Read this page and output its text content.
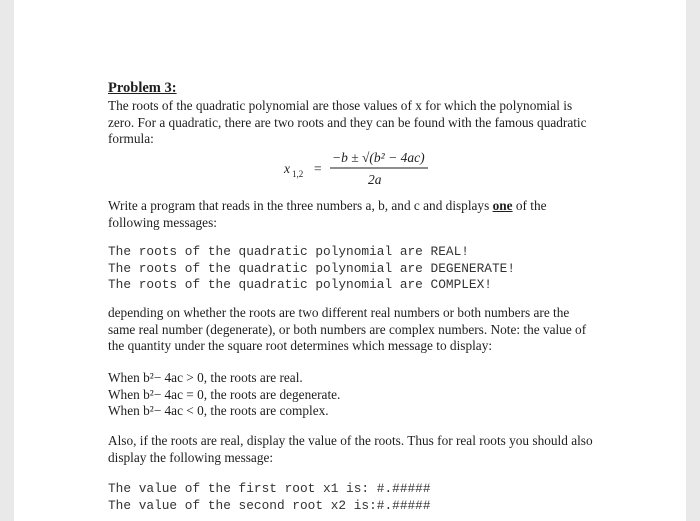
Problem 3:

The roots of the quadratic polynomial are those values of x for which the polynomial is zero. For a quadratic, there are two roots and they can be found with the famous quadratic formula:

x 1,2 =
−b ± √(b² − 4ac)
2a

Write a program that reads in the three numbers a, b, and c and displays one of the following messages:

The roots of the quadratic polynomial are REAL!
The roots of the quadratic polynomial are DEGENERATE!
The roots of the quadratic polynomial are COMPLEX!

depending on whether the roots are two different real numbers or both numbers are the same real number (degenerate), or both numbers are complex numbers. Note: the value of the quantity under the square root determines which message to display:

When b²− 4ac > 0, the roots are real.
When b²− 4ac = 0, the roots are degenerate.
When b²− 4ac < 0, the roots are complex.

Also, if the roots are real, display the value of the roots. Thus for real roots you should also display the following message:

The value of the first root x1 is: #.#####
The value of the second root x2 is:#.#####
